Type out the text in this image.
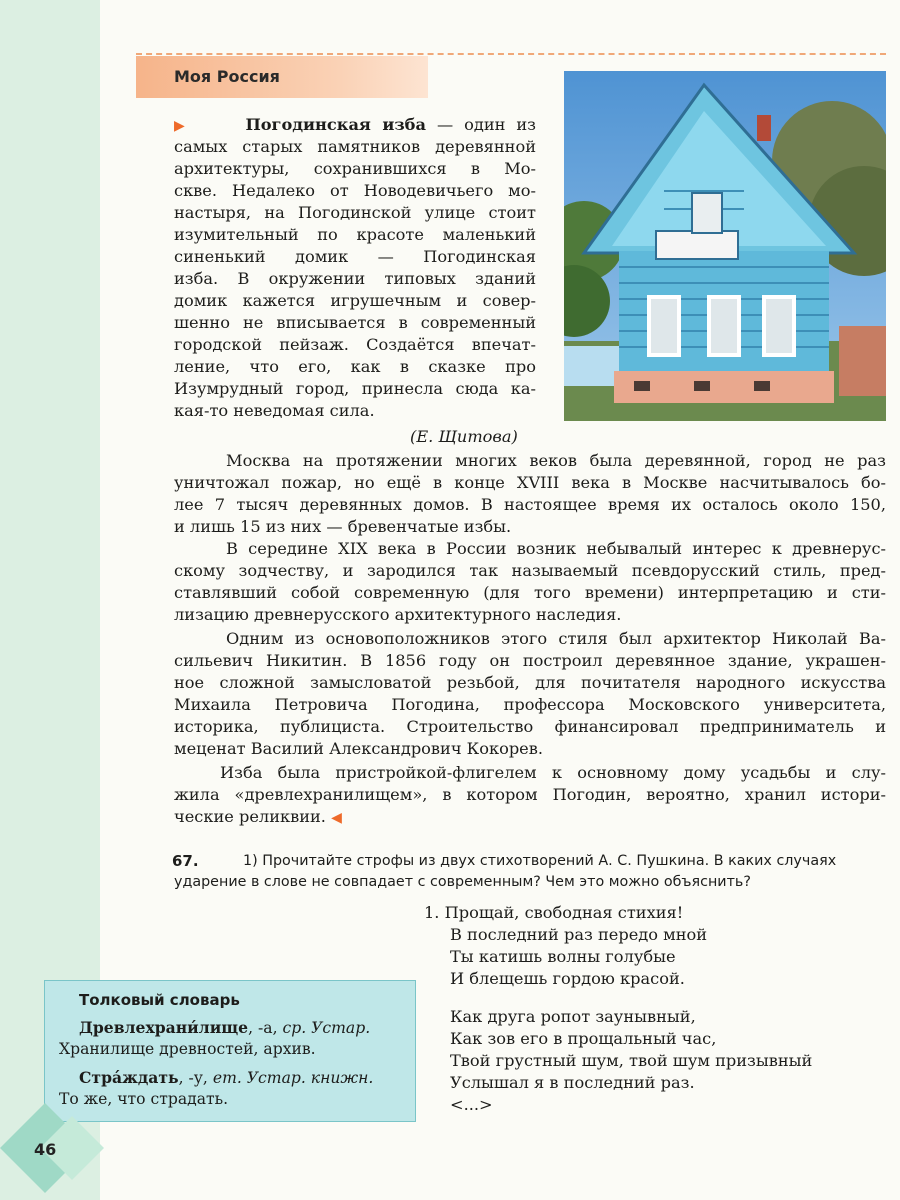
Моя Россия
▶	Погодинская изба — один из
самых старых памятников деревянной
архитектуры, сохранившихся в Мо-
скве. Недалеко от Новодевичьего мо-
настыря, на Погодинской улице стоит
изумительный по красоте маленький
синенький домик — Погодинская
изба. В окружении типовых зданий
домик кажется игрушечным и совер-
шенно не вписывается в современный
городской пейзаж. Создаётся впечат-
ление, что его, как в сказке про
Изумрудный город, принесла сюда ка-
кая-то неведомая сила.
(Е. Щитова)
Москва на протяжении многих веков была деревянной, город не раз
уничтожал пожар, но ещё в конце XVIII века в Москве насчитывалось бо-
лее 7 тысяч деревянных домов. В настоящее время их осталось около 150,
и лишь 15 из них — бревенчатые избы.
В середине XIX века в России возник небывалый интерес к древнерус-
скому зодчеству, и зародился так называемый псевдорусский стиль, пред-
ставлявший собой современную (для того времени) интерпретацию и сти-
лизацию древнерусского архитектурного наследия.
Одним из основоположников этого стиля был архитектор Николай Ва-
сильевич Никитин. В 1856 году он построил деревянное здание, украшен-
ное сложной замысловатой резьбой, для почитателя народного искусства
Михаила Петровича Погодина, профессора Московского университета,
историка, публициста. Строительство финансировал предприниматель и
меценат Василий Александрович Кокорев.
Изба была пристройкой-флигелем к основному дому усадьбы и слу-
жила «древлехранилищем», в котором Погодин, вероятно, хранил истори-
ческие реликвии. ◀
67.	1) Прочитайте строфы из двух стихотворений А. С. Пушкина. В каких случаях
ударение в слове не совпадает с современным? Чем это можно объяснить?
1. Прощай, свободная стихия!
В последний раз передо мной
Ты катишь волны голубые
И блещешь гордою красой.
Как друга ропот заунывный,
Как зов его в прощальный час,
Твой грустный шум, твой шум призывный
Услышал я в последний раз.
<...>
Толковый словарь
Древлехрани́лище, -а, ср. Устар.
Хранилище древностей, архив.
Стра́ждать, -у, ет. Устар. книжн.
То же, что страдать.
46
